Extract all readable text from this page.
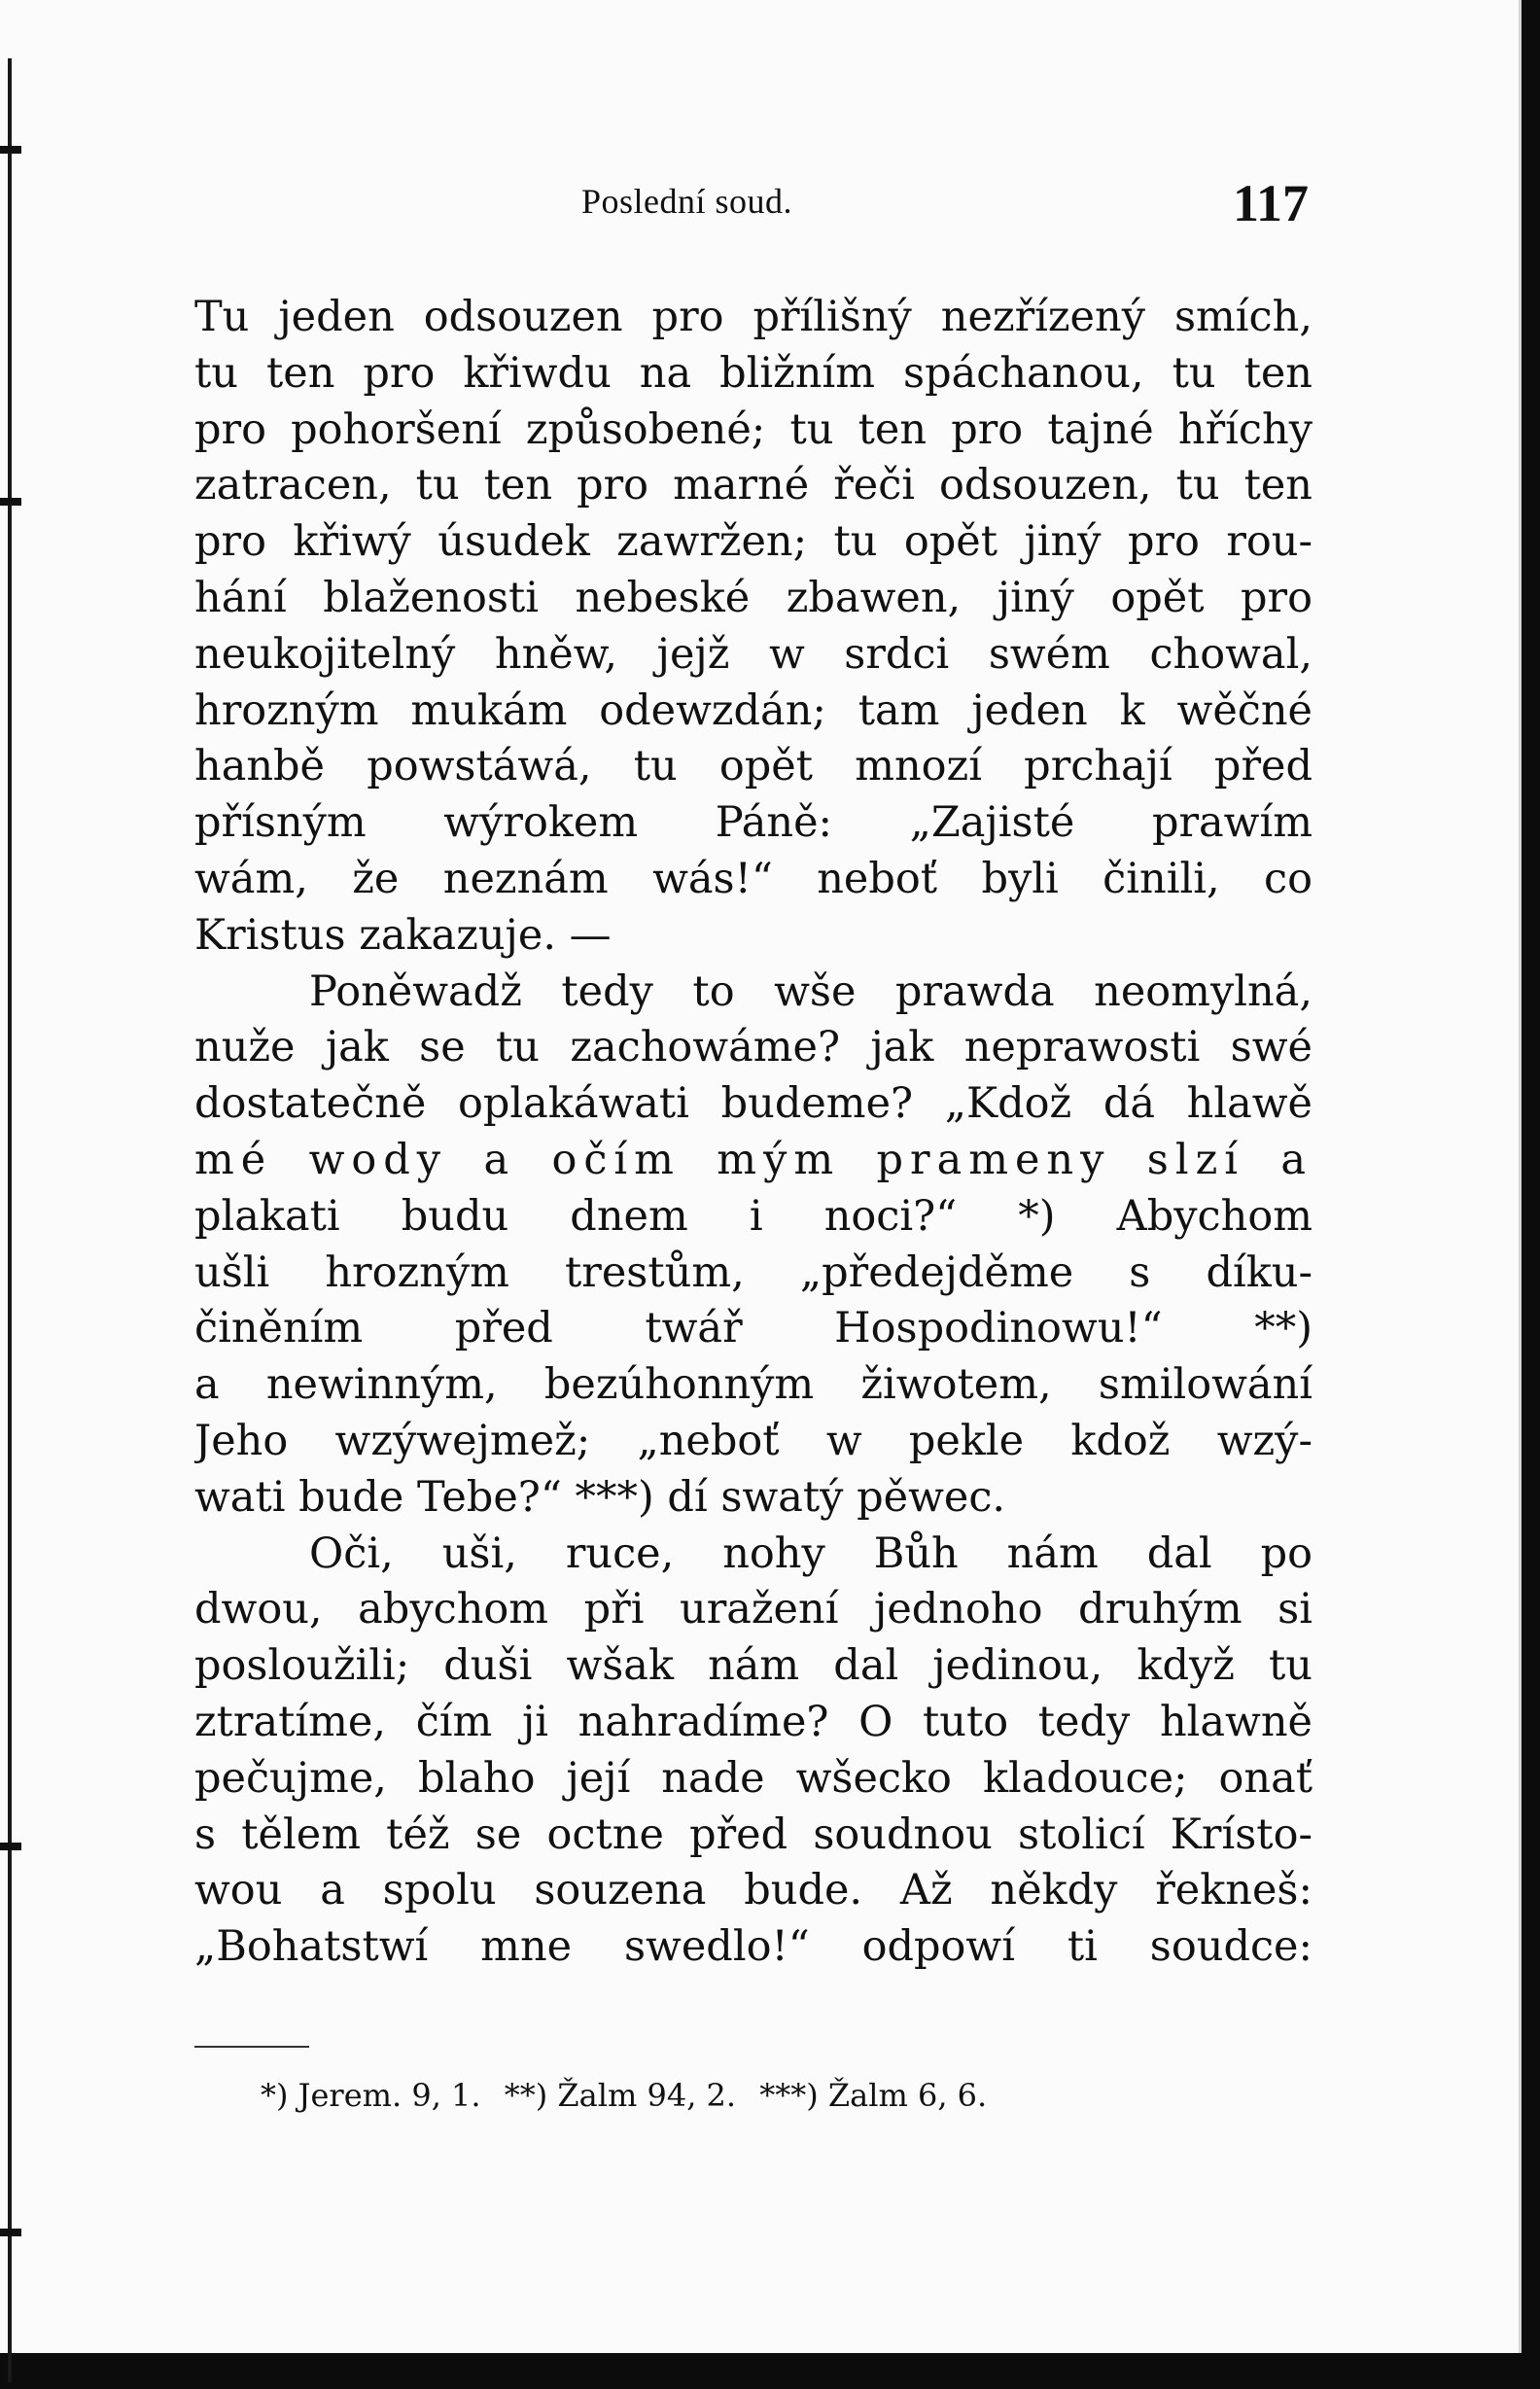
Poslední soud.	117
Tu jeden odsouzen pro přílišný nezřízený smích,
tu ten pro křiwdu na bližním spáchanou, tu ten
pro pohoršení způsobené; tu ten pro tajné hříchy
zatracen, tu ten pro marné řeči odsouzen, tu ten
pro křiwý úsudek zawržen; tu opět jiný pro rou-
hání blaženosti nebeské zbawen, jiný opět pro
neukojitelný hněw, jejž w srdci swém chowal,
hrozným mukám odewzdán; tam jeden k wěčné
hanbě powstáwá, tu opět mnozí prchají před
přísným wýrokem Páně: „Zajisté prawím
wám, že neznám wás!“ neboť byli činili, co
Kristus zakazuje. —
Poněwadž tedy to wše prawda neomylná,
nuže jak se tu zachowáme? jak neprawosti swé
dostatečně oplakáwati budeme? „Kdož dá hlawě
mé wody a očím mým prameny slzí a
plakati budu dnem i noci?“ *) Abychom
ušli hrozným trestům, „předejděme s díku-
činěním před twář Hospodinowu!“ **)
a newinným, bezúhonným žiwotem, smilowání
Jeho wzýwejmež; „neboť w pekle kdož wzý-
wati bude Tebe?“ ***) dí swatý pěwec.
Oči, uši, ruce, nohy Bůh nám dal po
dwou, abychom při uražení jednoho druhým si
posloužili; duši wšak nám dal jedinou, když tu
ztratíme, čím ji nahradíme? O tuto tedy hlawně
pečujme, blaho její nade wšecko kladouce; onať
s tělem též se octne před soudnou stolicí Krísto-
wou a spolu souzena bude. Až někdy řekneš:
„Bohatstwí mne swedlo!“ odpowí ti soudce:
*) Jerem. 9, 1. **) Žalm 94, 2. ***) Žalm 6, 6.
